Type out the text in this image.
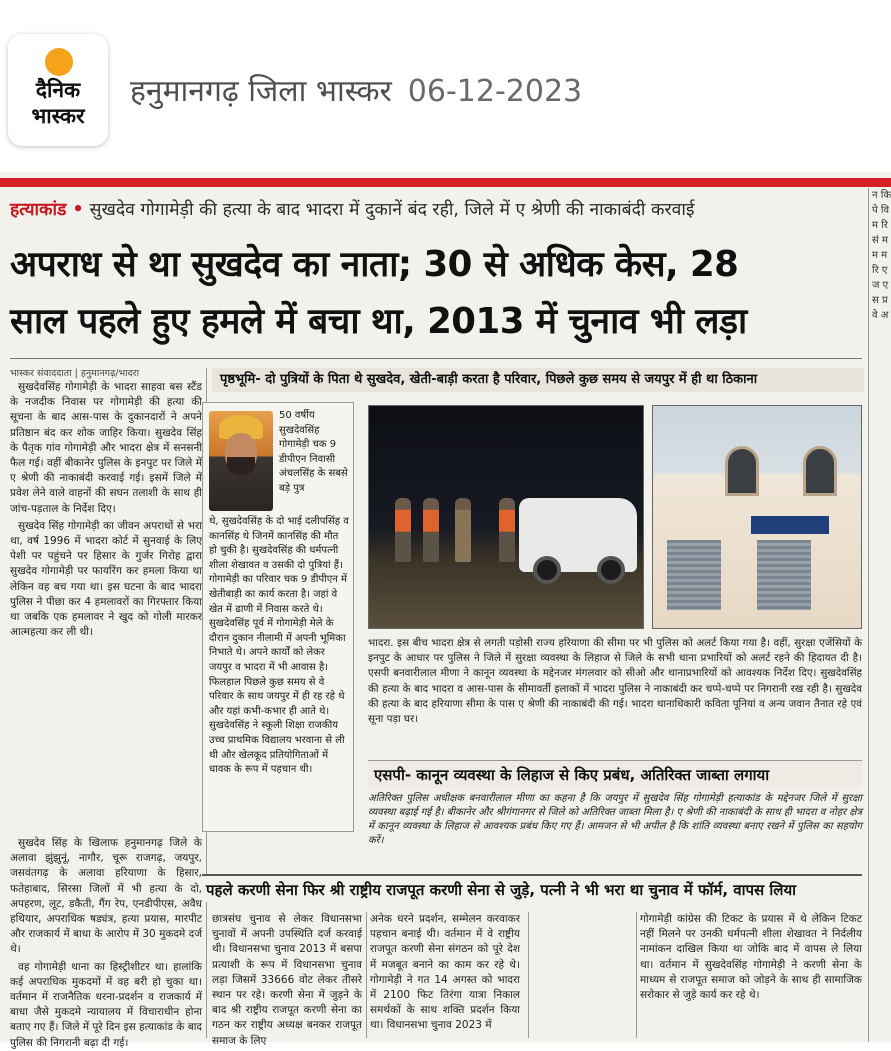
दैनिक
भास्कर
हनुमानगढ़ जिला भास्कर 06-12-2023
हत्याकांड • सुखदेव गोगामेड़ी की हत्या के बाद भादरा में दुकानें बंद रही, जिले में ए श्रेणी की नाकाबंदी करवाई
अपराध से था सुखदेव का नाता; 30 से अधिक केस, 28
साल पहले हुए हमले में बचा था, 2013 में चुनाव भी लड़ा
भास्कर संवाददाता | हनुमानगढ़/भादरा

सुखदेवसिंह गोगामेड़ी के भादरा साहवा बस स्टैंड के नजदीक निवास पर गोगामेड़ी की हत्या की सूचना के बाद आस-पास के दुकानदारों ने अपने प्रतिष्ठान बंद कर शोक जाहिर किया। सुखदेव सिंह के पैतृक गांव गोगामेड़ी और भादरा क्षेत्र में सनसनी फैल गई। वहीं बीकानेर पुलिस के इनपुट पर जिले में ए श्रेणी की नाकाबंदी करवाई गई। इसमें जिले में प्रवेश लेने वाले वाहनों की सघन तलाशी के साथ ही जांच-पड़ताल के निर्देश दिए।

सुखदेव सिंह गोगामेड़ी का जीवन अपराधों से भरा था, वर्ष 1996 में भादरा कोर्ट में सुनवाई के लिए पेशी पर पहुंचने पर हिसार के गुर्जर गिरोह द्वारा सुखदेव गोगामेड़ी पर फायरिंग कर हमला किया था लेकिन वह बच गया था। इस घटना के बाद भादरा पुलिस ने पीछा कर 4 हमलावरों का गिरफ्तार किया था जबकि एक हमलावर ने खुद को गोली मारकर आत्महत्या कर ली थी।

सुखदेव सिंह के खिलाफ हनुमानगढ़ जिले के अलावा झुंझुनूं, नागौर, चूरू राजगढ़, जयपुर, जसवंतगढ़ के अलावा हरियाणा के हिसार, फतेहाबाद, सिरसा जिलों में भी हत्या के दो, अपहरण, लूट, डकैती, गैंग रेप, एनडीपीएस, अवैध हथियार, अपराधिक षड्यंत्र, हत्या प्रयास, मारपीट और राजकार्य में बाधा के आरोप में 30 मुकदमे दर्ज थे।

वह गोगामेड़ी थाना का हिस्ट्रीशीटर था। हालांकि कई अपराधिक मुकदमों में वह बरी हो चुका था। वर्तमान में राजनैतिक धरना-प्रदर्शन व राजकार्य में बाधा जैसे मुकदमे न्यायालय में विचाराधीन होना बताए गए हैं। जिले में पूरे दिन इस हत्याकांड के बाद पुलिस की निगरानी बढ़ा दी गई।

पृष्ठभूमि- दो पुत्रियों के पिता थे सुखदेव, खेती-बाड़ी करता है परिवार, पिछले कुछ समय से जयपुर में ही था ठिकाना
50 वर्षीय सुखदेवसिंह गोगामेड़ी चक 9 डीपीएन निवासी अंचलसिंह के सबसे बड़े पुत्र
थे, सुखदेवसिंह के दो भाई दलीपसिंह व कानसिंह थे जिनमें कानसिंह की मौत हो चुकी है। सुखदेवसिंह की धर्मपत्नी शीला शेखावत व उसकी दो पुत्रियां हैं। गोगामेड़ी का परिवार चक 9 डीपीएन में खेतीबाड़ी का कार्य करता है। जहां वे खेत में ढाणी में निवास करते थे। सुखदेवसिंह पूर्व में गोगामेड़ी मेले के दौरान दुकान नीलामी में अपनी भूमिका निभाते थे। अपने कार्यों को लेकर जयपुर व भादरा में भी आवास है। फिलहाल पिछले कुछ समय से वे परिवार के साथ जयपुर में ही रह रहे थे और यहां कभी-कभार ही आते थे। सुखदेवसिंह ने स्कूली शिक्षा राजकीय उच्च प्राथमिक विद्यालय भरवाना से ली थी और खेलकूद प्रतियोगिताओं में धावक के रूप में पहचान थी।
भादरा. इस बीच भादरा क्षेत्र से लगती पड़ोसी राज्य हरियाणा की सीमा पर भी पुलिस को अलर्ट किया गया है। वहीं, सुरक्षा एजेंसियों के इनपुट के आधार पर पुलिस ने जिले में सुरक्षा व्यवस्था के लिहाज से जिले के सभी थाना प्रभारियों को अलर्ट रहने की हिदायत दी है। एसपी बनवारीलाल मीणा ने कानून व्यवस्था के मद्देनजर मंगलवार को सीओ और थानाप्रभारियों को आवश्यक निर्देश दिए। सुखदेवसिंह की हत्या के बाद भादरा व आस-पास के सीमावर्ती इलाकों में भादरा पुलिस ने नाकाबंदी कर चप्पे-चप्पे पर निगरानी रख रही है। सुखदेव की हत्या के बाद हरियाणा सीमा के पास ए श्रेणी की नाकाबंदी की गई। भादरा थानाधिकारी कविता पूनियां व अन्य जवान तैनात रहे एवं सूना पड़ा घर।
एसपी- कानून व्यवस्था के लिहाज से किए प्रबंध, अतिरिक्त जाब्ता लगाया
अतिरिक्त पुलिस अधीक्षक बनवारीलाल मीणा का कहना है कि जयपुर में सुखदेव सिंह गोगामेड़ी हत्याकांड के मद्देनजर जिले में सुरक्षा व्यवस्था बढ़ाई गई है। बीकानेर और श्रीगंगानगर से जिले को अतिरिक्त जाब्ता मिला है। ए श्रेणी की नाकाबंदी के साथ ही भादरा व नोहर क्षेत्र में कानून व्यवस्था के लिहाज से आवश्यक प्रबंध किए गए हैं। आमजन से भी अपील है कि शांति व्यवस्था बनाए रखने में पुलिस का सहयोग करें।
पहले करणी सेना फिर श्री राष्ट्रीय राजपूत करणी सेना से जुड़े, पत्नी ने भी भरा था चुनाव में फॉर्म, वापस लिया
छात्रसंघ चुनाव से लेकर विधानसभा चुनावों में अपनी उपस्थिति दर्ज करवाई थी। विधानसभा चुनाव 2013 में बसपा प्रत्याशी के रूप में विधानसभा चुनाव लड़ा जिसमें 33666 वोट लेकर तीसरे स्थान पर रहे। करणी सेना में जुड़ने के बाद श्री राष्ट्रीय राजपूत करणी सेना का गठन कर राष्ट्रीय अध्यक्ष बनकर राजपूत समाज के लिए
अनेक धरने प्रदर्शन, सम्मेलन करवाकर पहचान बनाई थी। वर्तमान में वे राष्ट्रीय राजपूत करणी सेना संगठन को पूरे देश में मजबूत बनाने का काम कर रहे थे। गोगामेड़ी ने गत 14 अगस्त को भादरा में 2100 फिट तिरंगा यात्रा निकाल समर्थकों के साथ शक्ति प्रदर्शन किया था। विधानसभा चुनाव 2023 में
गोगामेड़ी कांग्रेस की टिकट के प्रयास में थे लेकिन टिकट नहीं मिलने पर उनकी धर्मपत्नी शीला शेखावत ने निर्दलीय नामांकन दाखिल किया था जोकि बाद में वापस ले लिया था। वर्तमान में सुखदेवसिंह गोगामेड़ी ने करणी सेना के माध्यम से राजपूत समाज को जोड़ने के साथ ही सामाजिक सरोकार से जुड़े कार्य कर रहे थे।
न कि पे वि म रि सं म म म रि ए ज ए स प्र वे अ
